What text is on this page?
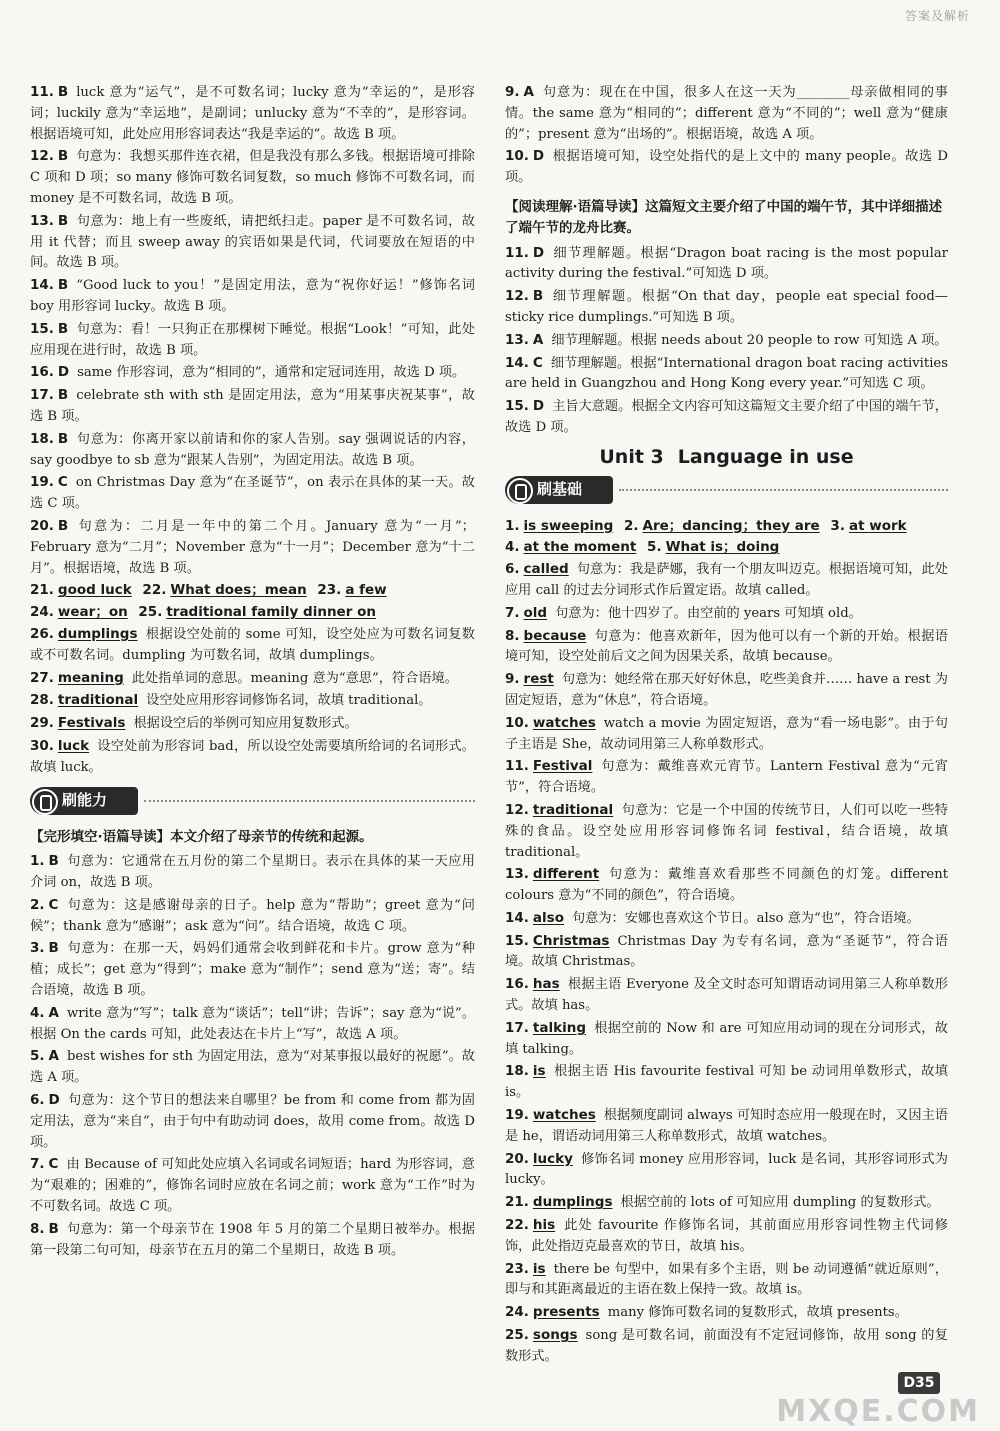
答案及解析
11. B luck 意为“运气”，是不可数名词；lucky 意为“幸运的”，是形容词；luckily 意为“幸运地”，是副词；unlucky 意为“不幸的”，是形容词。根据语境可知，此处应用形容词表达“我是幸运的”。故选 B 项。
12. B 句意为：我想买那件连衣裙，但是我没有那么多钱。根据语境可排除 C 项和 D 项；so many 修饰可数名词复数，so much 修饰不可数名词，而 money 是不可数名词，故选 B 项。
13. B 句意为：地上有一些废纸，请把纸扫走。paper 是不可数名词，故用 it 代替；而且 sweep away 的宾语如果是代词，代词要放在短语的中间。故选 B 项。
14. B “Good luck to you！”是固定用法，意为“祝你好运！”修饰名词 boy 用形容词 lucky。故选 B 项。
15. B 句意为：看！一只狗正在那棵树下睡觉。根据“Look！”可知，此处应用现在进行时，故选 B 项。
16. D same 作形容词，意为“相同的”，通常和定冠词连用，故选 D 项。
17. B celebrate sth with sth 是固定用法，意为“用某事庆祝某事”，故选 B 项。
18. B 句意为：你离开家以前请和你的家人告别。say 强调说话的内容，say goodbye to sb 意为“跟某人告别”，为固定用法。故选 B 项。
19. C on Christmas Day 意为“在圣诞节”，on 表示在具体的某一天。故选 C 项。
20. B 句意为：二月是一年中的第二个月。January 意为“一月”；February 意为“二月”；November 意为“十一月”；December 意为“十二月”。根据语境，故选 B 项。
21. good luck 22. What does；mean 23. a few
24. wear；on 25. traditional family dinner on
26. dumplings 根据设空处前的 some 可知，设空处应为可数名词复数或不可数名词。dumpling 为可数名词，故填 dumplings。
27. meaning 此处指单词的意思。meaning 意为“意思”，符合语境。
28. traditional 设空处应用形容词修饰名词，故填 traditional。
29. Festivals 根据设空后的举例可知应用复数形式。
30. luck 设空处前为形容词 bad，所以设空处需要填所给词的名词形式。故填 luck。
刷能力
【完形填空·语篇导读】本文介绍了母亲节的传统和起源。
1. B 句意为：它通常在五月份的第二个星期日。表示在具体的某一天应用介词 on，故选 B 项。
2. C 句意为：这是感谢母亲的日子。help 意为“帮助”；greet 意为“问候”；thank 意为“感谢”；ask 意为“问”。结合语境，故选 C 项。
3. B 句意为：在那一天，妈妈们通常会收到鲜花和卡片。grow 意为“种植；成长”；get 意为“得到”；make 意为“制作”；send 意为“送；寄”。结合语境，故选 B 项。
4. A write 意为“写”；talk 意为“谈话”；tell“讲；告诉”；say 意为“说”。根据 On the cards 可知，此处表达在卡片上“写”，故选 A 项。
5. A best wishes for sth 为固定用法，意为“对某事报以最好的祝愿”。故选 A 项。
6. D 句意为：这个节日的想法来自哪里？be from 和 come from 都为固定用法，意为“来自”，由于句中有助动词 does，故用 come from。故选 D 项。
7. C 由 Because of 可知此处应填入名词或名词短语；hard 为形容词，意为“艰难的；困难的”，修饰名词时应放在名词之前；work 意为“工作”时为不可数名词。故选 C 项。
8. B 句意为：第一个母亲节在 1908 年 5 月的第二个星期日被举办。根据第一段第二句可知，母亲节在五月的第二个星期日，故选 B 项。
9. A 句意为：现在在中国，很多人在这一天为________母亲做相同的事情。the same 意为“相同的”；different 意为“不同的”；well 意为“健康的”；present 意为“出场的”。根据语境，故选 A 项。
10. D 根据语境可知，设空处指代的是上文中的 many people。故选 D 项。
【阅读理解·语篇导读】这篇短文主要介绍了中国的端午节，其中详细描述了端午节的龙舟比赛。
11. D 细节理解题。根据“Dragon boat racing is the most popular activity during the festival.”可知选 D 项。
12. B 细节理解题。根据“On that day，people eat special food—sticky rice dumplings.”可知选 B 项。
13. A 细节理解题。根据 needs about 20 people to row 可知选 A 项。
14. C 细节理解题。根据“International dragon boat racing activities are held in Guangzhou and Hong Kong every year.”可知选 C 项。
15. D 主旨大意题。根据全文内容可知这篇短文主要介绍了中国的端午节，故选 D 项。
Unit 3 Language in use
刷基础
1. is sweeping 2. Are；dancing；they are 3. at work
4. at the moment 5. What is；doing
6. called 句意为：我是萨娜，我有一个朋友叫迈克。根据语境可知，此处应用 call 的过去分词形式作后置定语。故填 called。
7. old 句意为：他十四岁了。由空前的 years 可知填 old。
8. because 句意为：他喜欢新年，因为他可以有一个新的开始。根据语境可知，设空处前后文之间为因果关系，故填 because。
9. rest 句意为：她经常在那天好好休息，吃些美食并…… have a rest 为固定短语，意为“休息”，符合语境。
10. watches watch a movie 为固定短语，意为“看一场电影”。由于句子主语是 She，故动词用第三人称单数形式。
11. Festival 句意为：戴维喜欢元宵节。Lantern Festival 意为“元宵节”，符合语境。
12. traditional 句意为：它是一个中国的传统节日，人们可以吃一些特殊的食品。设空处应用形容词修饰名词 festival，结合语境，故填 traditional。
13. different 句意为：戴维喜欢看那些不同颜色的灯笼。different colours 意为“不同的颜色”，符合语境。
14. also 句意为：安娜也喜欢这个节日。also 意为“也”，符合语境。
15. Christmas Christmas Day 为专有名词，意为“圣诞节”，符合语境。故填 Christmas。
16. has 根据主语 Everyone 及全文时态可知谓语动词用第三人称单数形式。故填 has。
17. talking 根据空前的 Now 和 are 可知应用动词的现在分词形式，故填 talking。
18. is 根据主语 His favourite festival 可知 be 动词用单数形式，故填 is。
19. watches 根据频度副词 always 可知时态应用一般现在时，又因主语是 he，谓语动词用第三人称单数形式，故填 watches。
20. lucky 修饰名词 money 应用形容词，luck 是名词，其形容词形式为 lucky。
21. dumplings 根据空前的 lots of 可知应用 dumpling 的复数形式。
22. his 此处 favourite 作修饰名词，其前面应用形容词性物主代词修饰，此处指迈克最喜欢的节日，故填 his。
23. is there be 句型中，如果有多个主语，则 be 动词遵循“就近原则”，即与和其距离最近的主语在数上保持一致。故填 is。
24. presents many 修饰可数名词的复数形式，故填 presents。
25. songs song 是可数名词，前面没有不定冠词修饰，故用 song 的复数形式。
D35
MXQE.COM
